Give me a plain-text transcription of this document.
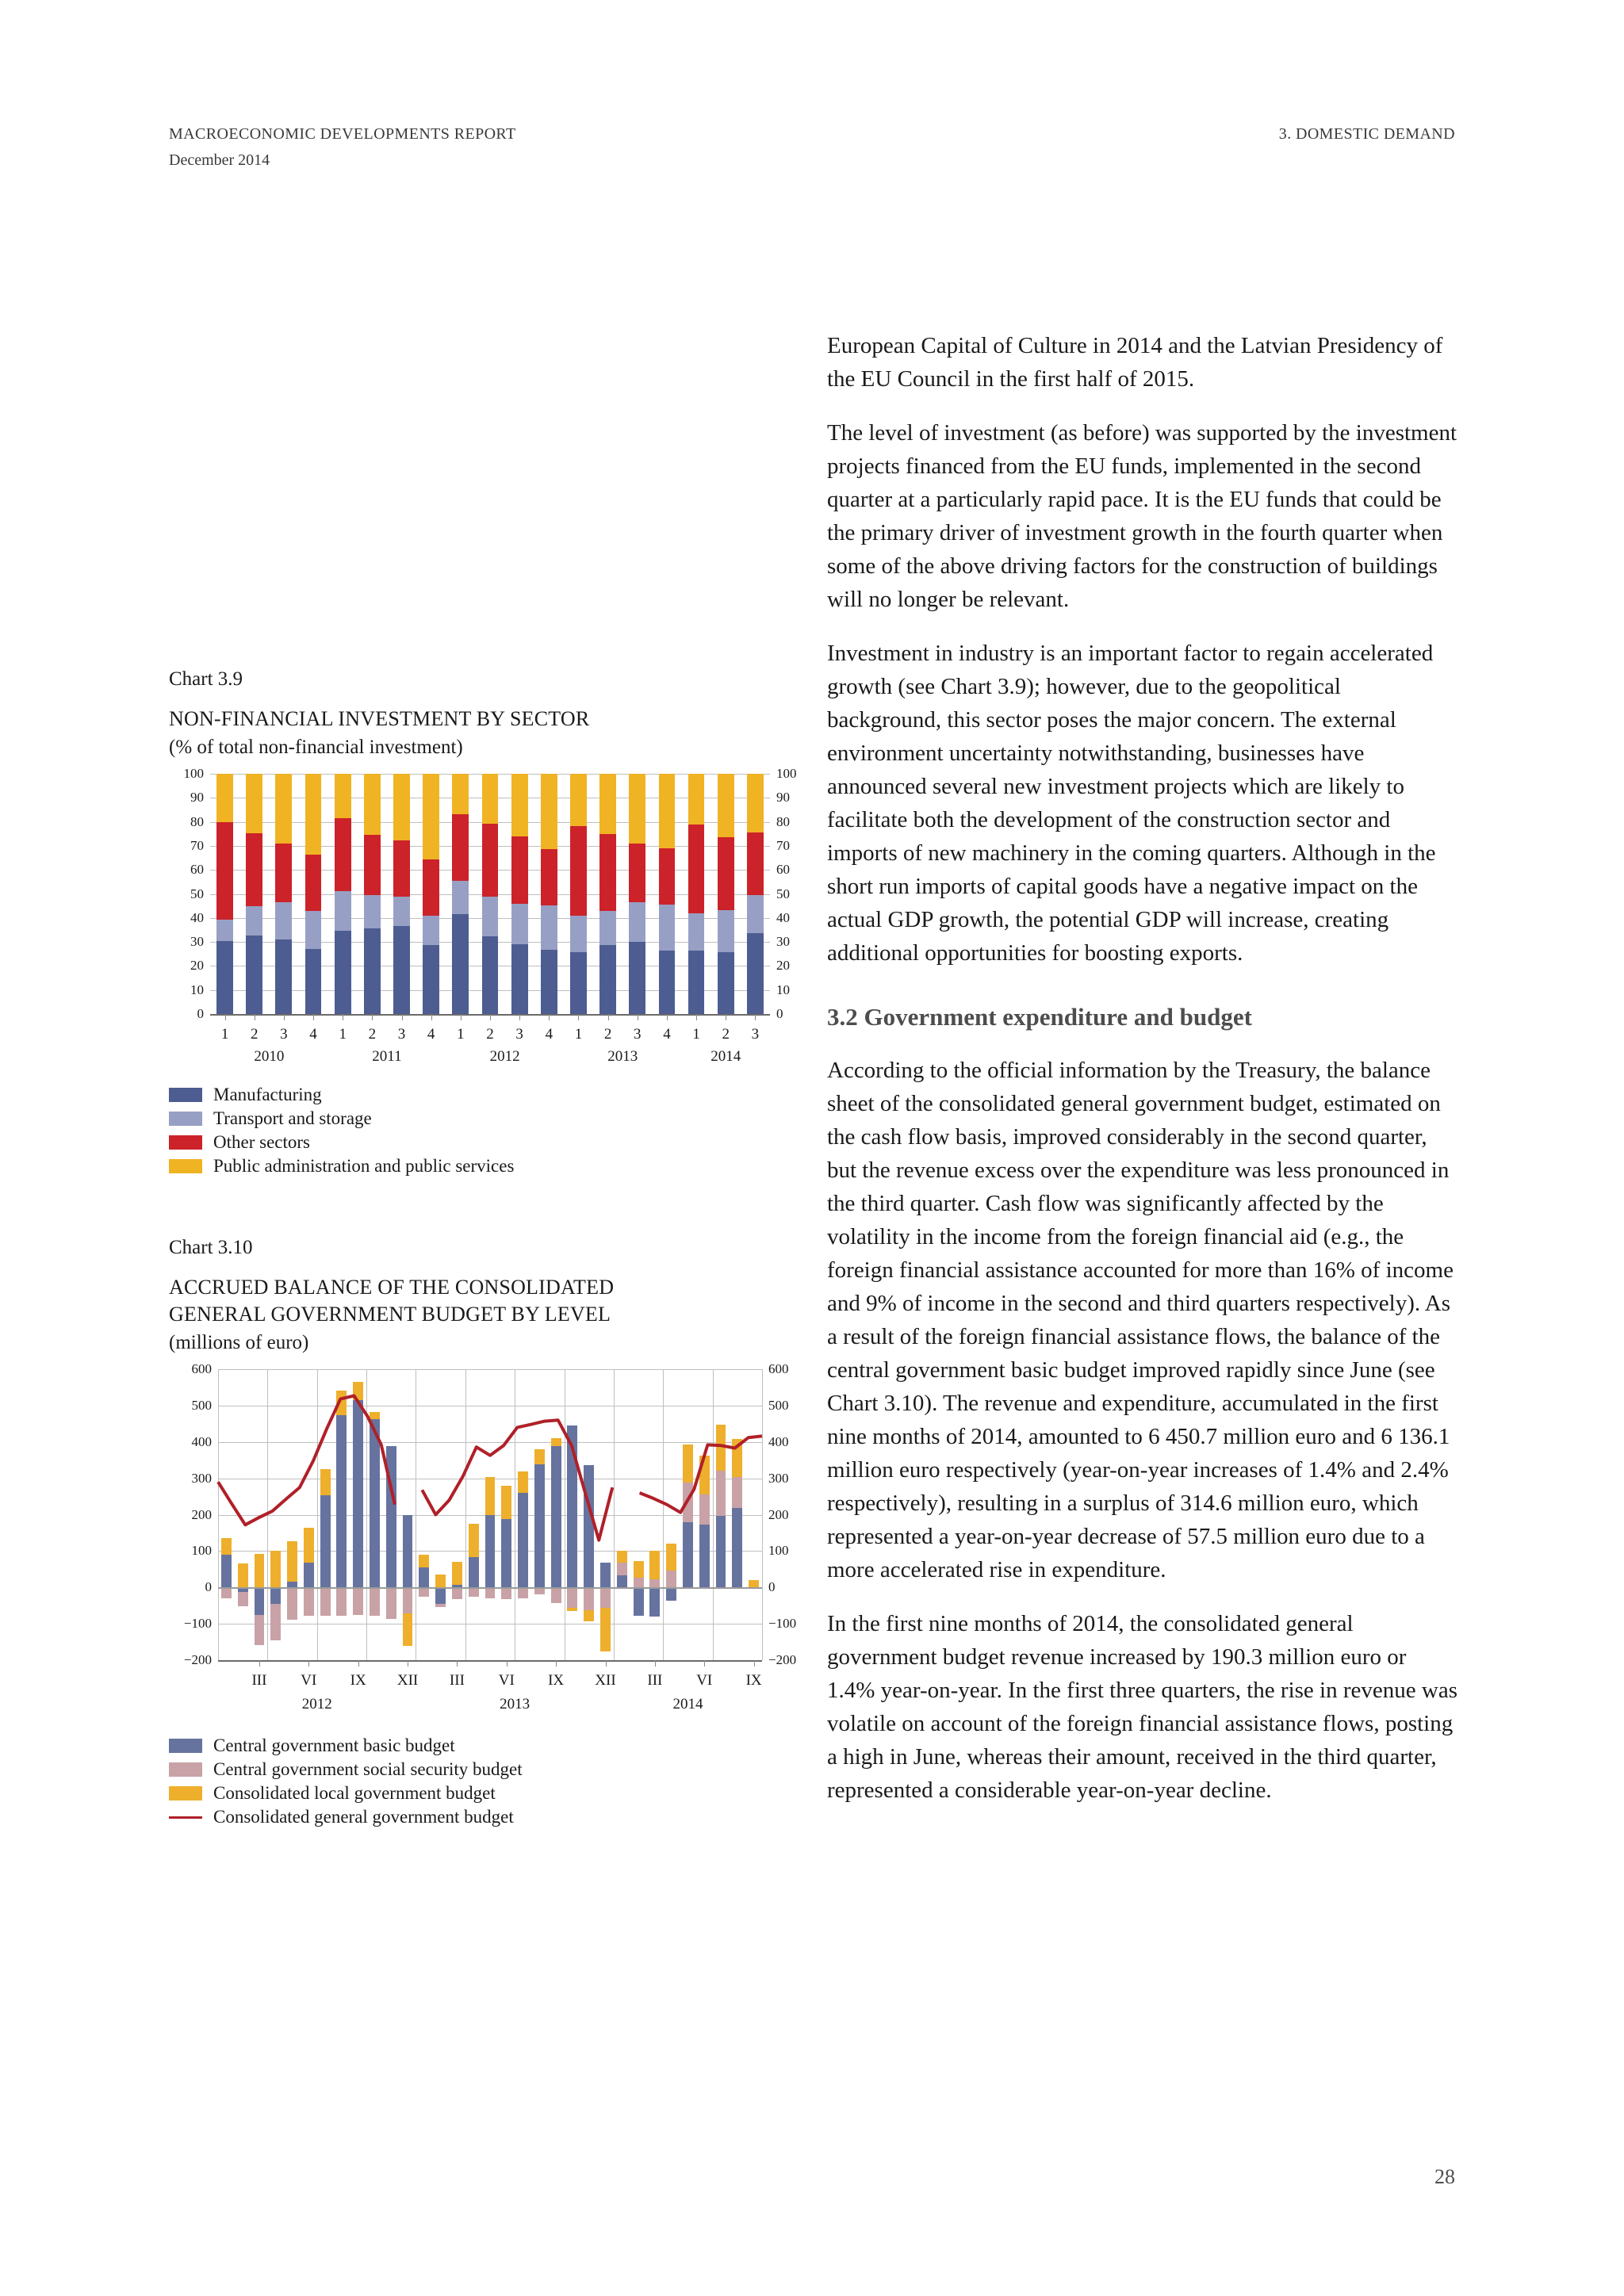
MACROECONOMIC DEVELOPMENTS REPORT	3. DOMESTIC DEMAND
December 2014
Chart 3.9
NON-FINANCIAL INVESTMENT BY SECTOR
(% of total non-financial investment)
0	0
10	10
20	20
30	30
40	40
50	50
60	60
70	70
80	80
90	90
100	100
1	2	3	4	1	2	3	4	1	2	3	4	1	2	3	4	1	2	3
2010	2011	2012	2013	2014
Manufacturing
Transport and storage
Other sectors
Public administration and public services
Chart 3.10
ACCRUED BALANCE OF THE CONSOLIDATED
GENERAL GOVERNMENT BUDGET BY LEVEL
(millions of euro)
−200	−200
−100	−100
0	0
100	100
200	200
300	300
400	400
500	500
600	600
III	VI	IX	XII	III	VI	IX	XII	III	VI	IX
2012	2013	2014
Central government basic budget
Central government social security budget
Consolidated local government budget
Consolidated general government budget

European Capital of Culture in 2014 and the Latvian Presidency of the EU Council in the first half of 2015.

The level of investment (as before) was supported by the investment projects financed from the EU funds, implemented in the second quarter at a particularly rapid pace. It is the EU funds that could be the primary driver of investment growth in the fourth quarter when some of the above driving factors for the construction of buildings will no longer be relevant.

Investment in industry is an important factor to regain accelerated growth (see Chart 3.9); however, due to the geopolitical background, this sector poses the major concern. The external environment uncertainty notwithstanding, businesses have announced several new investment projects which are likely to facilitate both the development of the construction sector and imports of new machinery in the coming quarters. Although in the short run imports of capital goods have a negative impact on the actual GDP growth, the potential GDP will increase, creating additional opportunities for boosting exports.

3.2 Government expenditure and budget

According to the official information by the Treasury, the balance sheet of the consolidated general government budget, estimated on the cash flow basis, improved considerably in the second quarter, but the revenue excess over the expenditure was less pronounced in the third quarter. Cash flow was significantly affected by the volatility in the income from the foreign financial aid (e.g., the foreign financial assistance accounted for more than 16% of income and 9% of income in the second and third quarters respectively). As a result of the foreign financial assistance flows, the balance of the central government basic budget improved rapidly since June (see Chart 3.10). The revenue and expenditure, accumulated in the first nine months of 2014, amounted to 6 450.7 million euro and 6 136.1 million euro respectively (year-on-year increases of 1.4% and 2.4% respectively), resulting in a surplus of 314.6 million euro, which represented a year-on-year decrease of 57.5 million euro due to a more accelerated rise in expenditure.

In the first nine months of 2014, the consolidated general government budget revenue increased by 190.3 million euro or 1.4% year-on-year. In the first three quarters, the rise in revenue was volatile on account of the foreign financial assistance flows, posting a high in June, whereas their amount, received in the third quarter, represented a considerable year-on-year decline.

28
